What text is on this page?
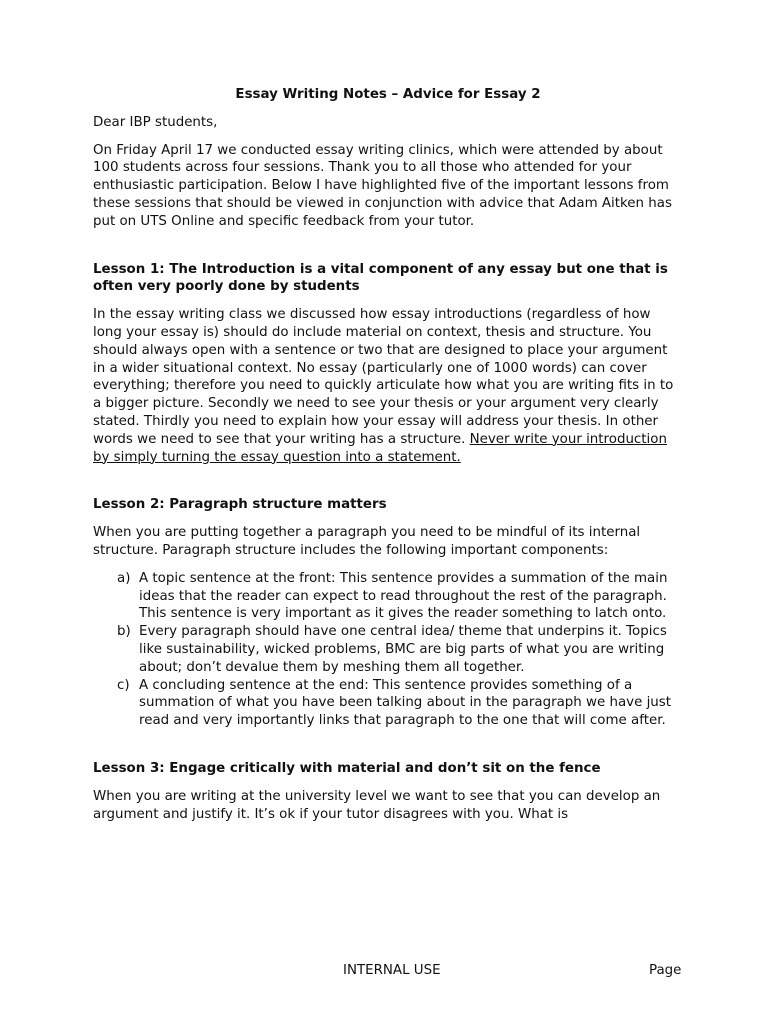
Essay Writing Notes – Advice for Essay 2

Dear IBP students,

On Friday April 17 we conducted essay writing clinics, which were attended by about 100 students across four sessions. Thank you to all those who attended for your enthusiastic participation. Below I have highlighted five of the important lessons from these sessions that should be viewed in conjunction with advice that Adam Aitken has put on UTS Online and specific feedback from your tutor.

Lesson 1: The Introduction is a vital component of any essay but one that is often very poorly done by students

In the essay writing class we discussed how essay introductions (regardless of how long your essay is) should do include material on context, thesis and structure. You should always open with a sentence or two that are designed to place your argument in a wider situational context. No essay (particularly one of 1000 words) can cover everything; therefore you need to quickly articulate how what you are writing fits in to a bigger picture. Secondly we need to see your thesis or your argument very clearly stated. Thirdly you need to explain how your essay will address your thesis. In other words we need to see that your writing has a structure. Never write your introduction by simply turning the essay question into a statement.

Lesson 2: Paragraph structure matters

When you are putting together a paragraph you need to be mindful of its internal structure. Paragraph structure includes the following important components:

a) A topic sentence at the front: This sentence provides a summation of the main ideas that the reader can expect to read throughout the rest of the paragraph. This sentence is very important as it gives the reader something to latch onto.
b) Every paragraph should have one central idea/ theme that underpins it. Topics like sustainability, wicked problems, BMC are big parts of what you are writing about; don’t devalue them by meshing them all together.
c) A concluding sentence at the end: This sentence provides something of a summation of what you have been talking about in the paragraph we have just read and very importantly links that paragraph to the one that will come after.
Lesson 3: Engage critically with material and don’t sit on the fence

When you are writing at the university level we want to see that you can develop an argument and justify it. It’s ok if your tutor disagrees with you. What is

INTERNAL USE	Page
